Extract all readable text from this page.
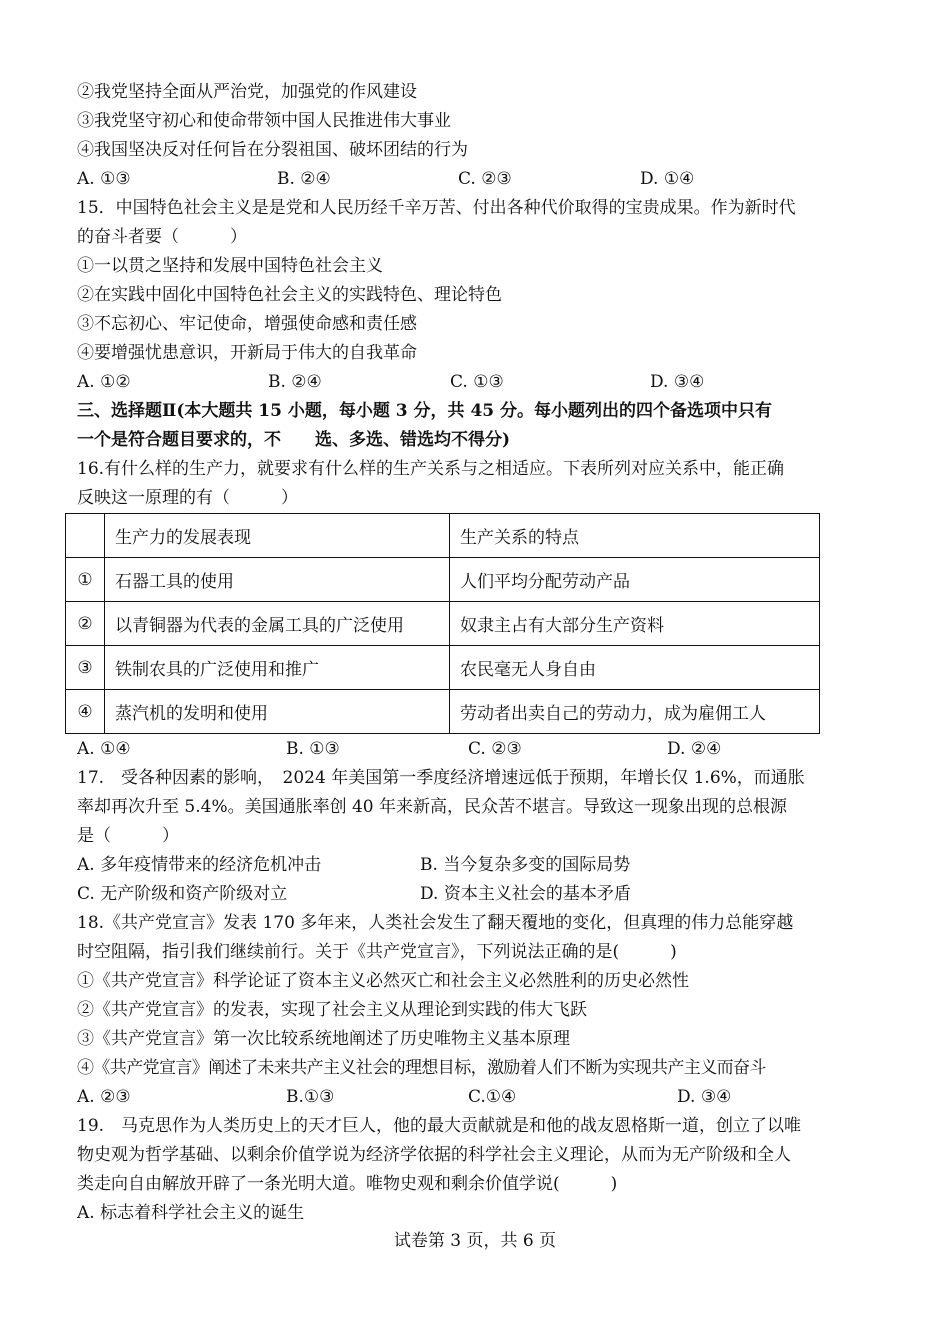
②我党坚持全面从严治党，加强党的作风建设
③我党坚守初心和使命带领中国人民推进伟大事业
④我国坚决反对任何旨在分裂祖国、破坏团结的行为
A. ①③	B. ②④	C. ②③	D. ①④
15．中国特色社会主义是是党和人民历经千辛万苦、付出各种代价取得的宝贵成果。作为新时代
的奋斗者要（　　　）
①一以贯之坚持和发展中国特色社会主义
②在实践中固化中国特色社会主义的实践特色、理论特色
③不忘初心、牢记使命，增强使命感和责任感
④要增强忧患意识，开新局于伟大的自我革命
A. ①②	B. ②④	C. ①③	D. ③④
三、选择题Ⅱ(本大题共 15 小题，每小题 3 分，共 45 分。每小题列出的四个备选项中只有
一个是符合题目要求的，不　　选、多选、错选均不得分)
16.有什么样的生产力，就要求有什么样的生产关系与之相适应。下表所列对应关系中，能正确
反映这一原理的有（　　　）
	生产力的发展表现	生产关系的特点
①	石器工具的使用	人们平均分配劳动产品
②	以青铜器为代表的金属工具的广泛使用	奴隶主占有大部分生产资料
③	铁制农具的广泛使用和推广	农民毫无人身自由
④	蒸汽机的发明和使用	劳动者出卖自己的劳动力，成为雇佣工人
A. ①④	B. ①③	C. ②③	D. ②④
17.　受各种因素的影响，　2024 年美国第一季度经济增速远低于预期，年增长仅 1.6%，而通胀
率却再次升至 5.4%。美国通胀率创 40 年来新高，民众苦不堪言。导致这一现象出现的总根源
是（　　　）
A. 多年疫情带来的经济危机冲击	B. 当今复杂多变的国际局势
C. 无产阶级和资产阶级对立	D. 资本主义社会的基本矛盾
18.《共产党宣言》发表 170 多年来，人类社会发生了翻天覆地的变化，但真理的伟力总能穿越
时空阻隔，指引我们继续前行。关于《共产党宣言》，下列说法正确的是(　　　)
①《共产党宣言》科学论证了资本主义必然灭亡和社会主义必然胜利的历史必然性
②《共产党宣言》的发表，实现了社会主义从理论到实践的伟大飞跃
③《共产党宣言》第一次比较系统地阐述了历史唯物主义基本原理
④《共产党宣言》阐述了未来共产主义社会的理想目标，激励着人们不断为实现共产主义而奋斗
A. ②③	B.①③	C.①④	D. ③④
19.　马克思作为人类历史上的天才巨人，他的最大贡献就是和他的战友恩格斯一道，创立了以唯
物史观为哲学基础、以剩余价值学说为经济学依据的科学社会主义理论，从而为无产阶级和全人
类走向自由解放开辟了一条光明大道。唯物史观和剩余价值学说(　　　)
A. 标志着科学社会主义的诞生
试卷第 3 页，共 6 页
